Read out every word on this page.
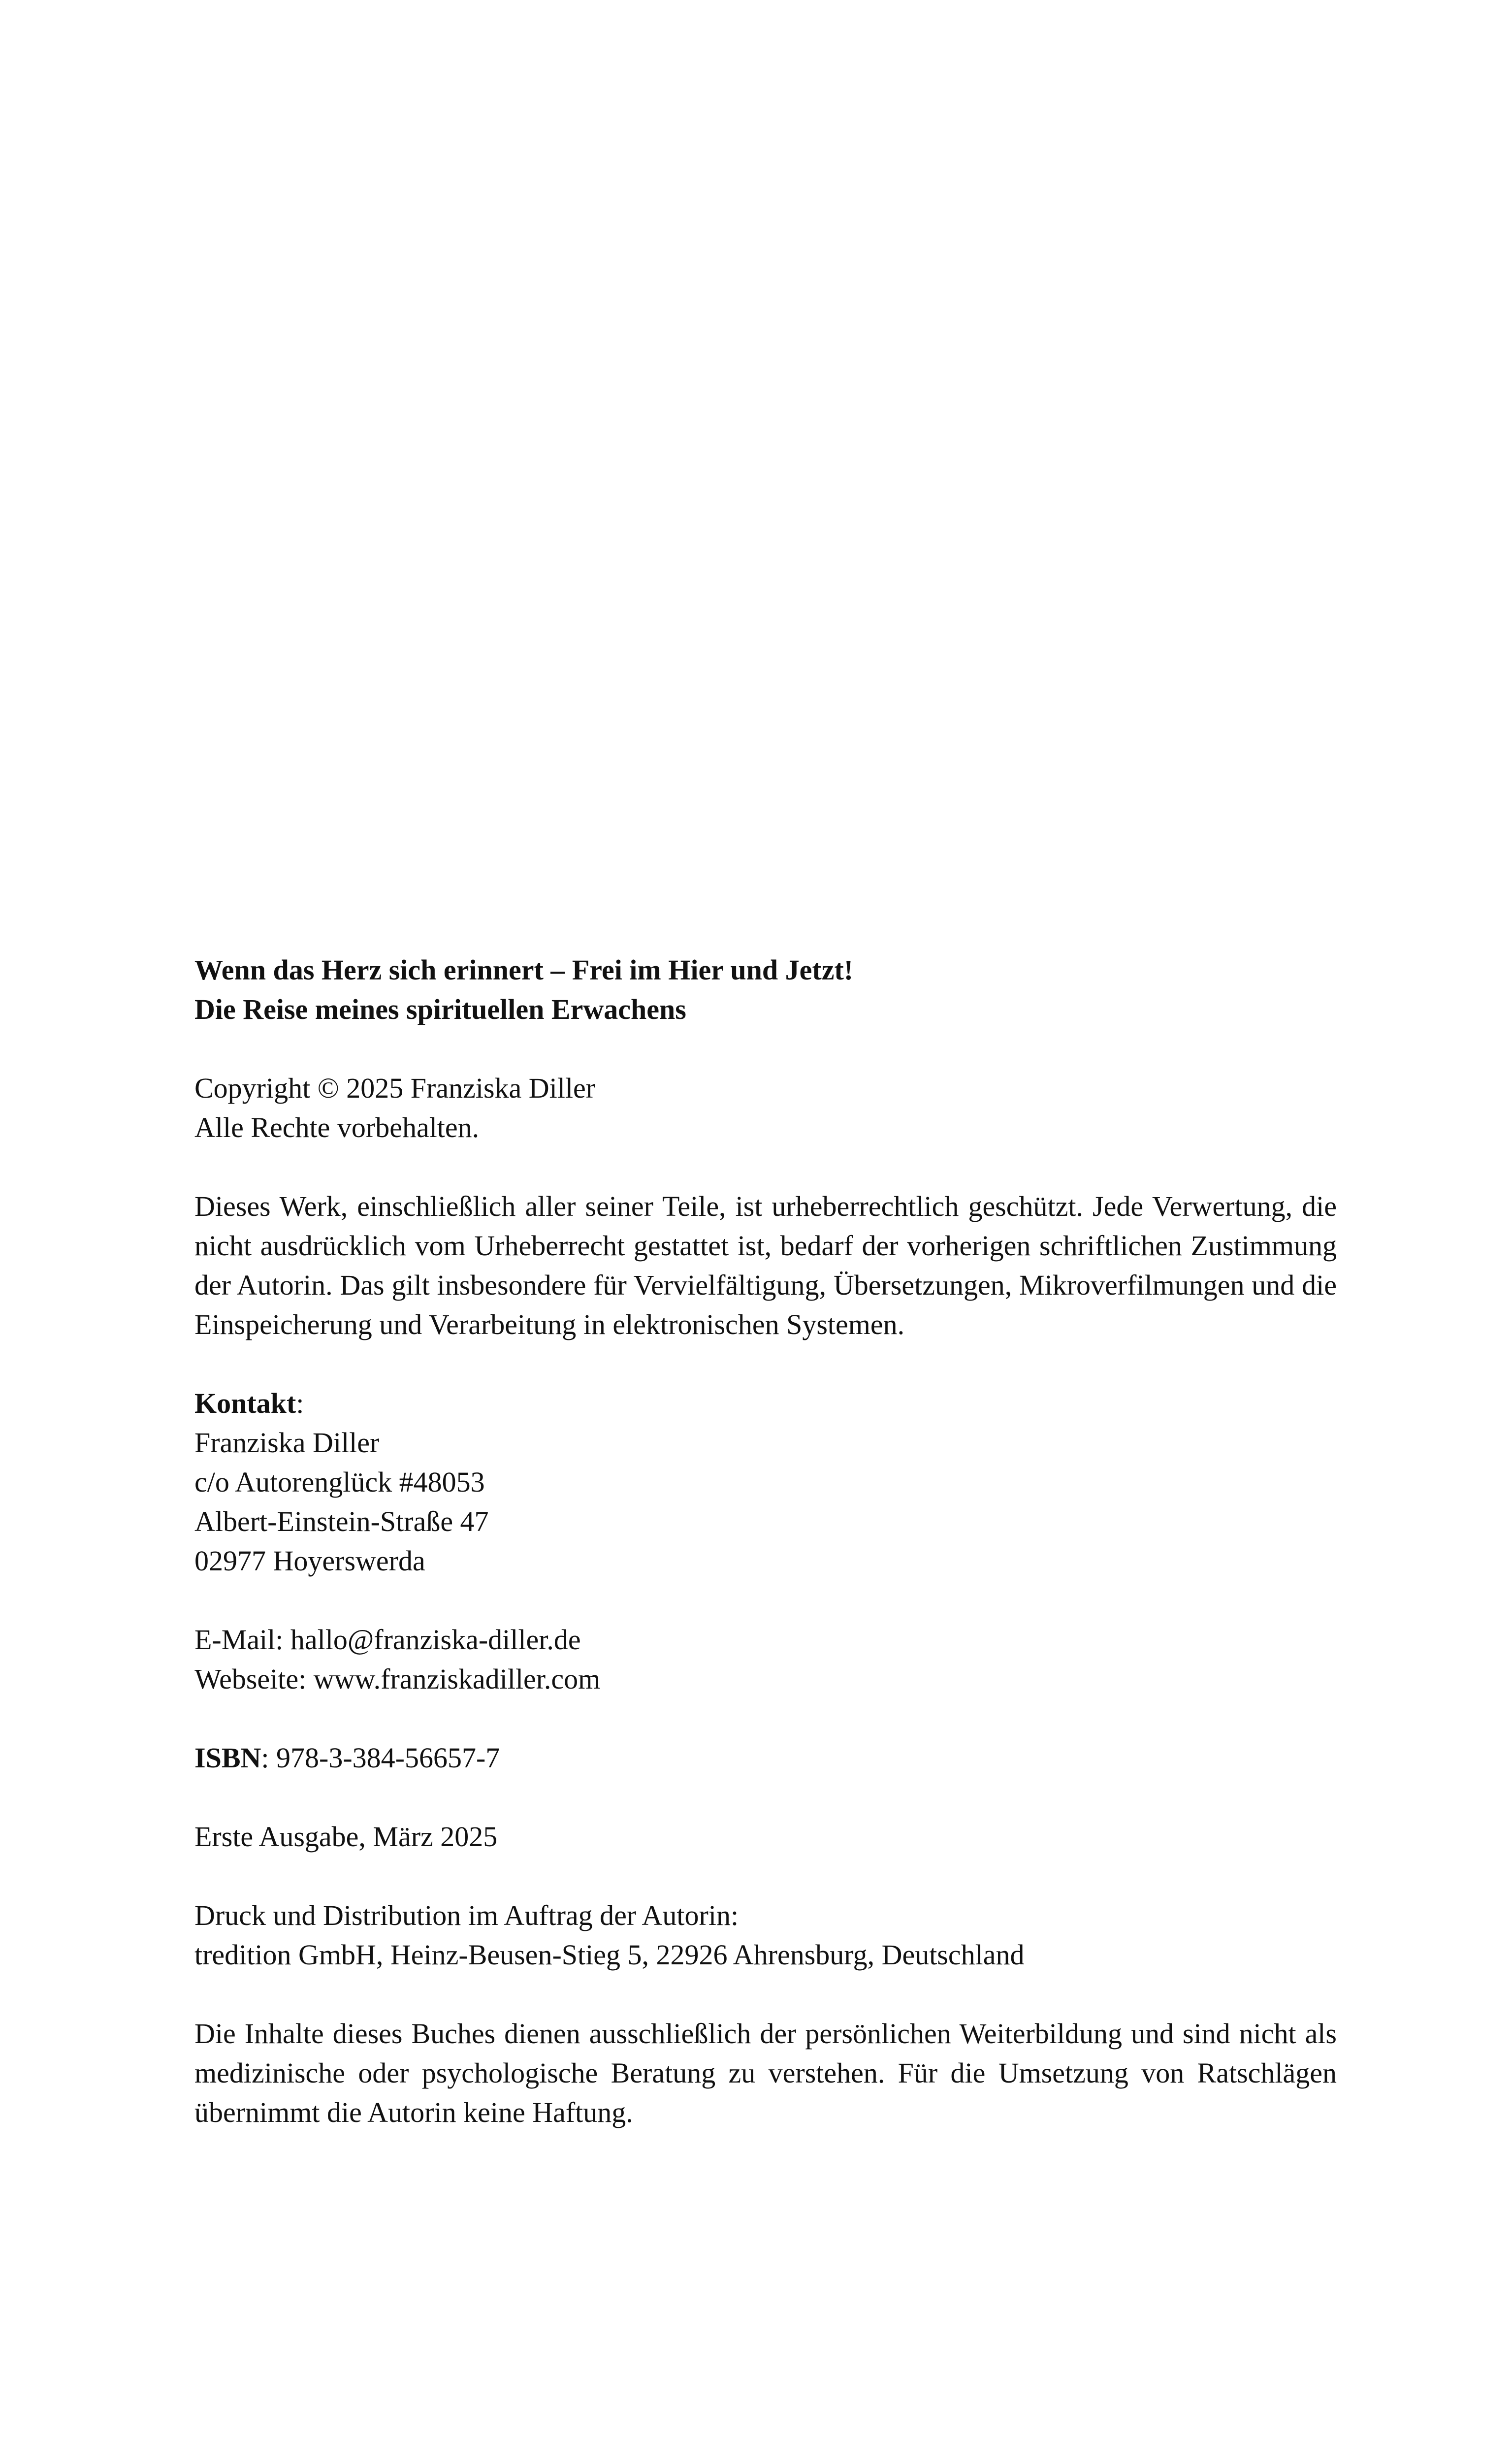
Wenn das Herz sich erinnert – Frei im Hier und Jetzt!
Die Reise meines spirituellen Erwachens
Copyright © 2025 Franziska Diller
Alle Rechte vorbehalten.

Dieses Werk, einschließlich aller seiner Teile, ist urheberrechtlich geschützt. Jede Verwertung, die nicht ausdrücklich vom Urheberrecht gestattet ist, bedarf der vorherigen schriftlichen Zustimmung der Autorin. Das gilt insbesondere für Vervielfältigung, Übersetzungen, Mikroverfilmungen und die Einspeicherung und Verarbeitung in elektronischen Systemen.

Kontakt:
Franziska Diller
c/o Autorenglück #48053
Albert-Einstein-Straße 47
02977 Hoyerswerda
E-Mail: hallo@franziska-diller.de
Webseite: www.franziskadiller.com
ISBN: 978-3-384-56657-7
Erste Ausgabe, März 2025
Druck und Distribution im Auftrag der Autorin:
tredition GmbH, Heinz-Beusen-Stieg 5, 22926 Ahrensburg, Deutschland

Die Inhalte dieses Buches dienen ausschließlich der persönlichen Weiterbildung und sind nicht als medizinische oder psychologische Beratung zu verstehen. Für die Umsetzung von Ratschlägen übernimmt die Autorin keine Haftung.
